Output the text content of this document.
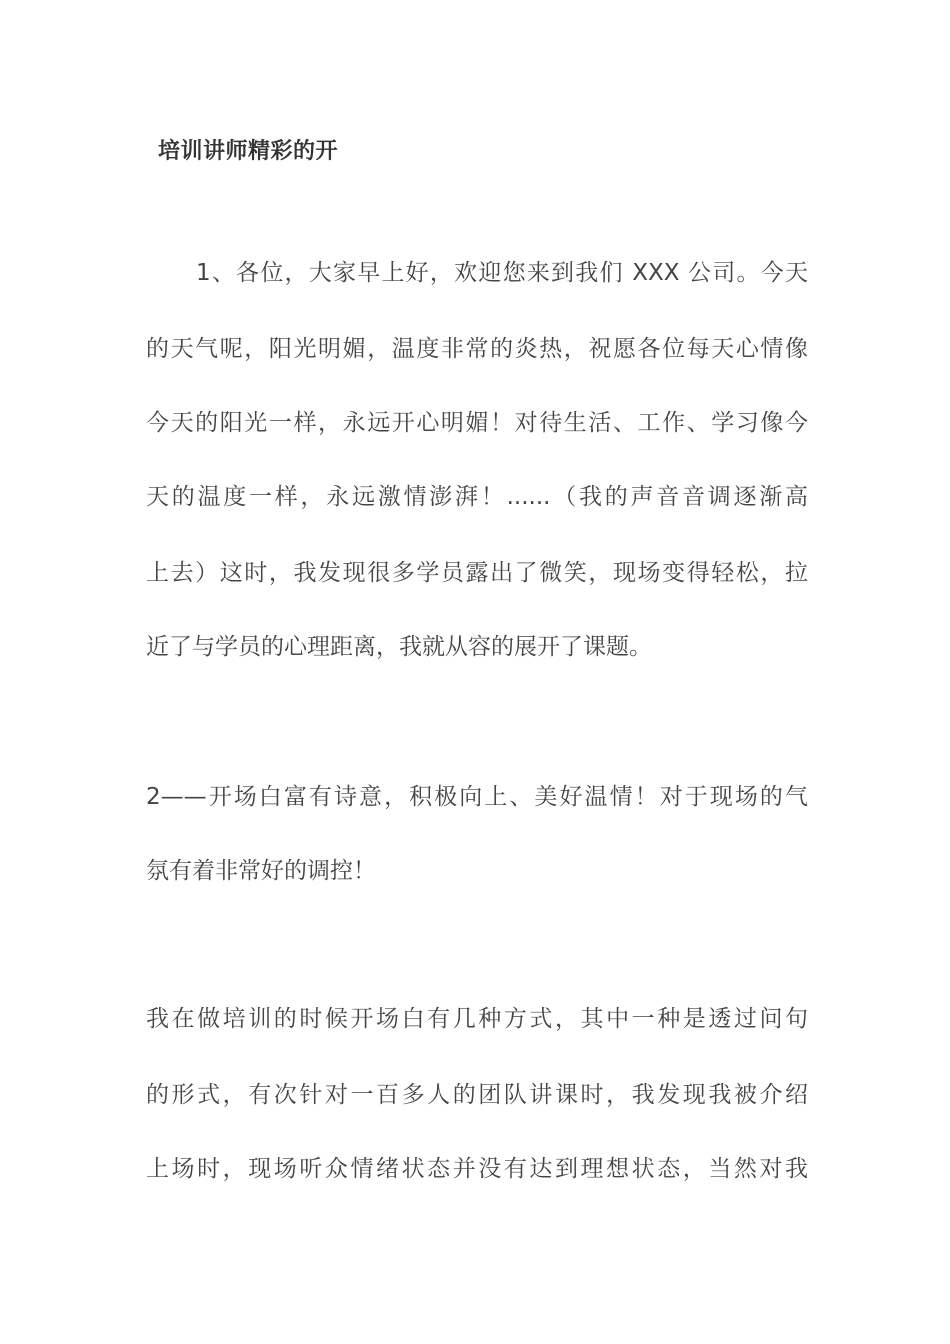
培训讲师精彩的开
1、各位，大家早上好，欢迎您来到我们 XXX 公司。今天
的天气呢，阳光明媚，温度非常的炎热，祝愿各位每天心情像
今天的阳光一样，永远开心明媚！对待生活、工作、学习像今
天的温度一样，永远激情澎湃！......（我的声音音调逐渐高
上去）这时，我发现很多学员露出了微笑，现场变得轻松，拉
近了与学员的心理距离，我就从容的展开了课题。
2——开场白富有诗意，积极向上、美好温情！对于现场的气
氛有着非常好的调控！
我在做培训的时候开场白有几种方式，其中一种是透过问句
的形式，有次针对一百多人的团队讲课时，我发现我被介绍
上场时，现场听众情绪状态并没有达到理想状态，当然对我
